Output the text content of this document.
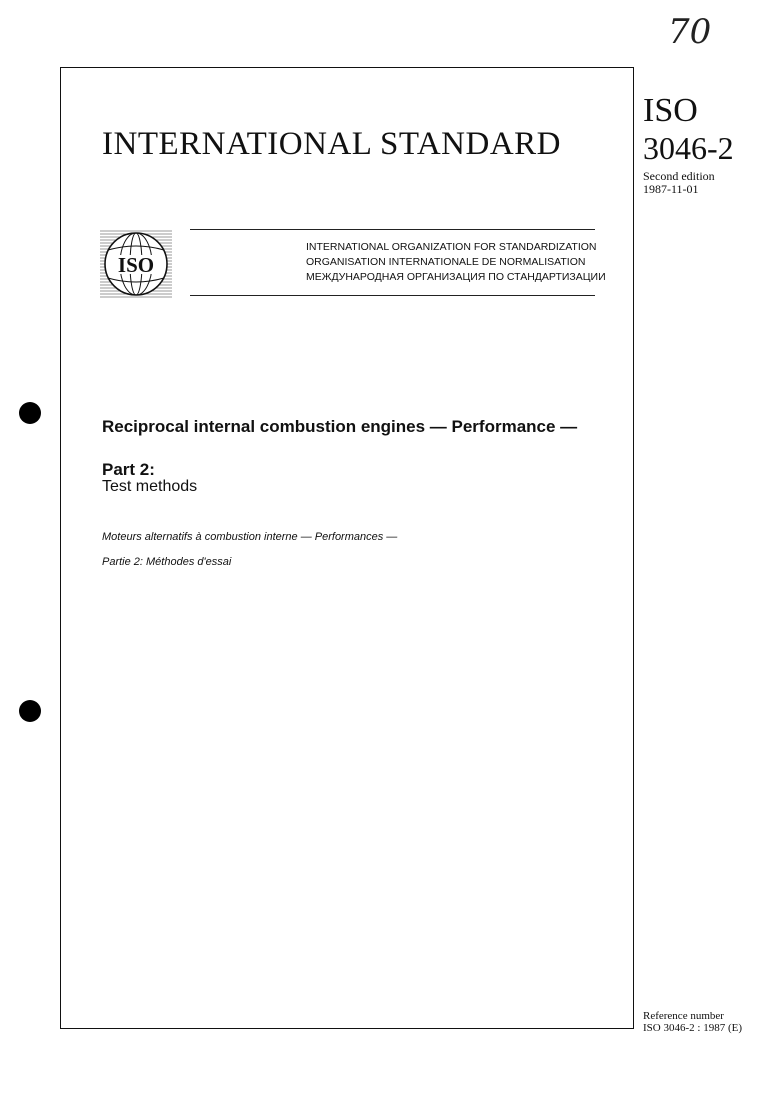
70
INTERNATIONAL STANDARD
ISO
3046-2
Second edition
1987-11-01
ISO
INTERNATIONAL ORGANIZATION FOR STANDARDIZATION
ORGANISATION INTERNATIONALE DE NORMALISATION
МЕЖДУНАРОДНАЯ ОРГАНИЗАЦИЯ ПО СТАНДАРТИЗАЦИИ
Reciprocal internal combustion engines — Performance —
Part 2:
Test methods
Moteurs alternatifs à combustion interne — Performances —
Partie 2: Méthodes d'essai
Reference number
ISO 3046-2 : 1987 (E)
